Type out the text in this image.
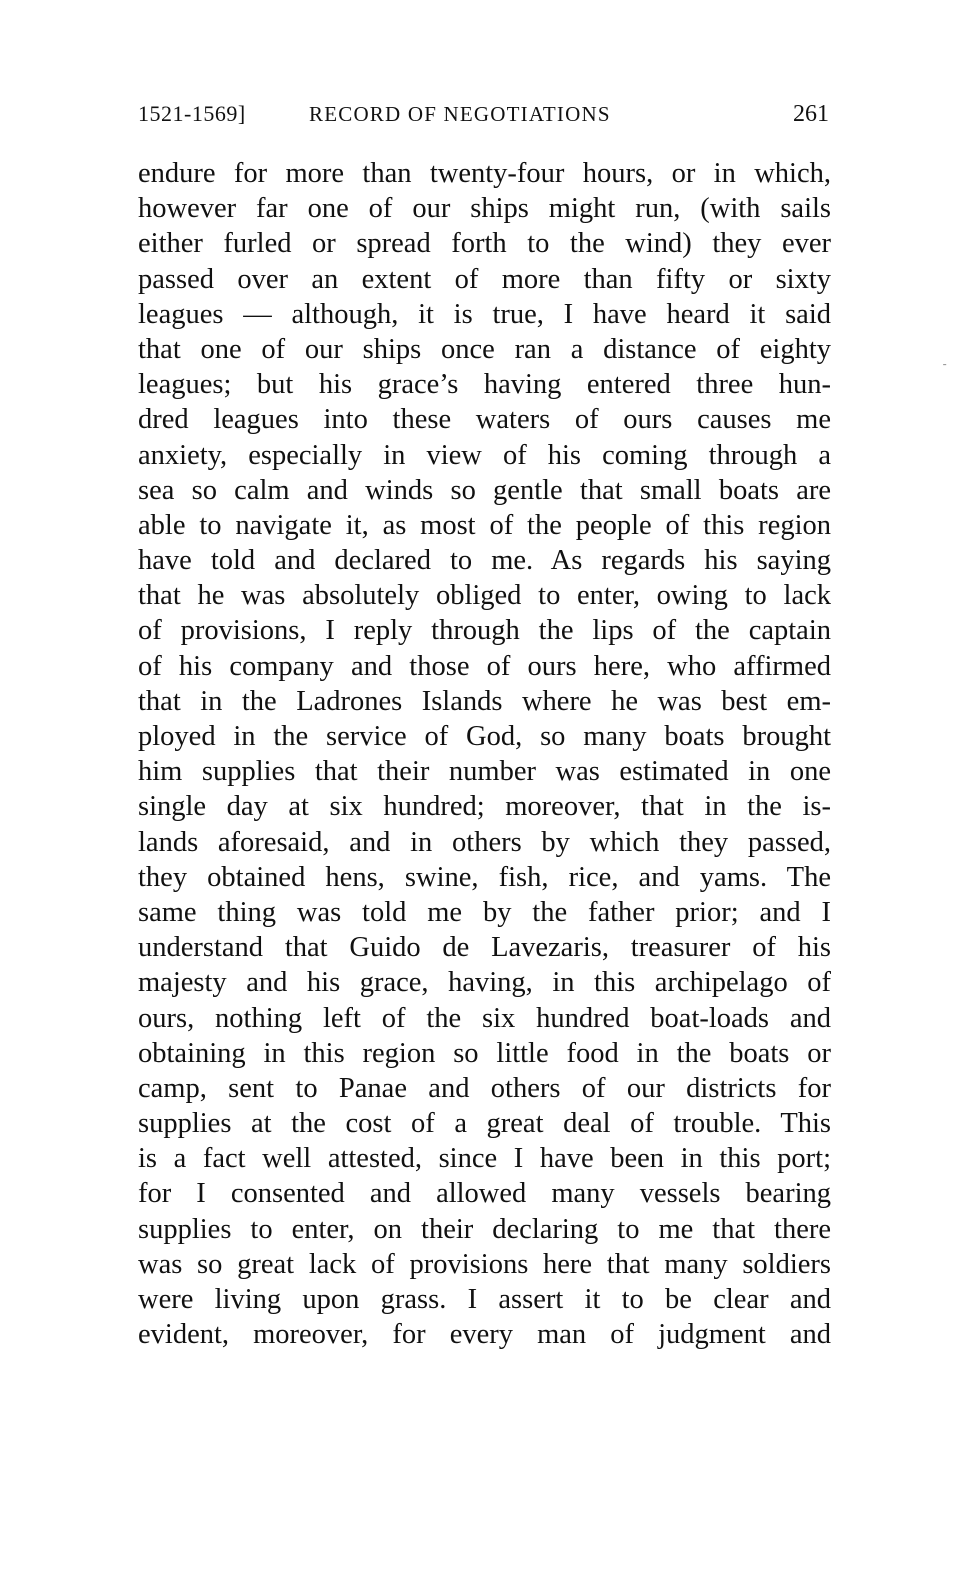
1521-1569]	RECORD OF NEGOTIATIONS	261
endure for more than twenty-four hours, or in which,
however far one of our ships might run, (with sails
either furled or spread forth to the wind) they ever
passed over an extent of more than fifty or sixty
leagues — although, it is true, I have heard it said
that one of our ships once ran a distance of eighty
leagues; but his grace’s having entered three hun-
dred leagues into these waters of ours causes me
anxiety, especially in view of his coming through a
sea so calm and winds so gentle that small boats are
able to navigate it, as most of the people of this region
have told and declared to me. As regards his saying
that he was absolutely obliged to enter, owing to lack
of provisions, I reply through the lips of the captain
of his company and those of ours here, who affirmed
that in the Ladrones Islands where he was best em-
ployed in the service of God, so many boats brought
him supplies that their number was estimated in one
single day at six hundred; moreover, that in the is-
lands aforesaid, and in others by which they passed,
they obtained hens, swine, fish, rice, and yams. The
same thing was told me by the father prior; and I
understand that Guido de Lavezaris, treasurer of his
majesty and his grace, having, in this archipelago of
ours, nothing left of the six hundred boat-loads and
obtaining in this region so little food in the boats or
camp, sent to Panae and others of our districts for
supplies at the cost of a great deal of trouble. This
is a fact well attested, since I have been in this port;
for I consented and allowed many vessels bearing
supplies to enter, on their declaring to me that there
was so great lack of provisions here that many soldiers
were living upon grass. I assert it to be clear and
evident, moreover, for every man of judgment and
˗
